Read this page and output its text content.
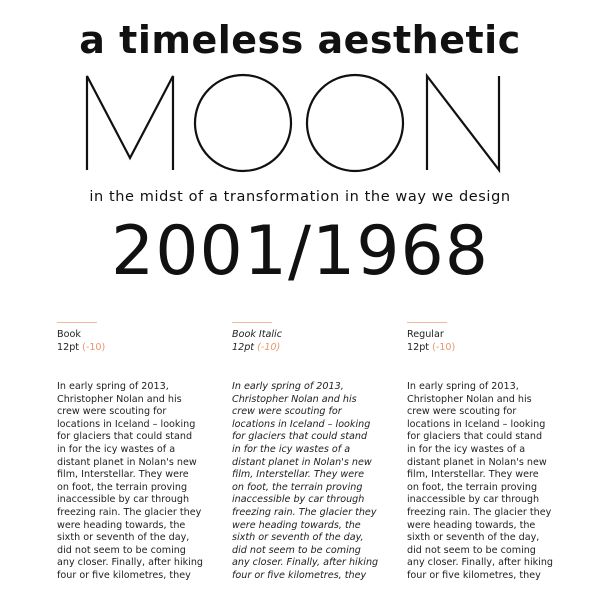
a timeless aesthetic
in the midst of a transformation in the way we design
2001/1968
Book
12pt (-10)
In early spring of 2013,
Christopher Nolan and his
crew were scouting for
locations in Iceland – looking
for glaciers that could stand
in for the icy wastes of a
distant planet in Nolan's new
film, Interstellar. They were
on foot, the terrain proving
inaccessible by car through
freezing rain. The glacier they
were heading towards, the
sixth or seventh of the day,
did not seem to be coming
any closer. Finally, after hiking
four or five kilometres, they
Book Italic
12pt (-10)
In early spring of 2013,
Christopher Nolan and his
crew were scouting for
locations in Iceland – looking
for glaciers that could stand
in for the icy wastes of a
distant planet in Nolan's new
film, Interstellar. They were
on foot, the terrain proving
inaccessible by car through
freezing rain. The glacier they
were heading towards, the
sixth or seventh of the day,
did not seem to be coming
any closer. Finally, after hiking
four or five kilometres, they
Regular
12pt (-10)
In early spring of 2013,
Christopher Nolan and his
crew were scouting for
locations in Iceland – looking
for glaciers that could stand
in for the icy wastes of a
distant planet in Nolan's new
film, Interstellar. They were
on foot, the terrain proving
inaccessible by car through
freezing rain. The glacier they
were heading towards, the
sixth or seventh of the day,
did not seem to be coming
any closer. Finally, after hiking
four or five kilometres, they
